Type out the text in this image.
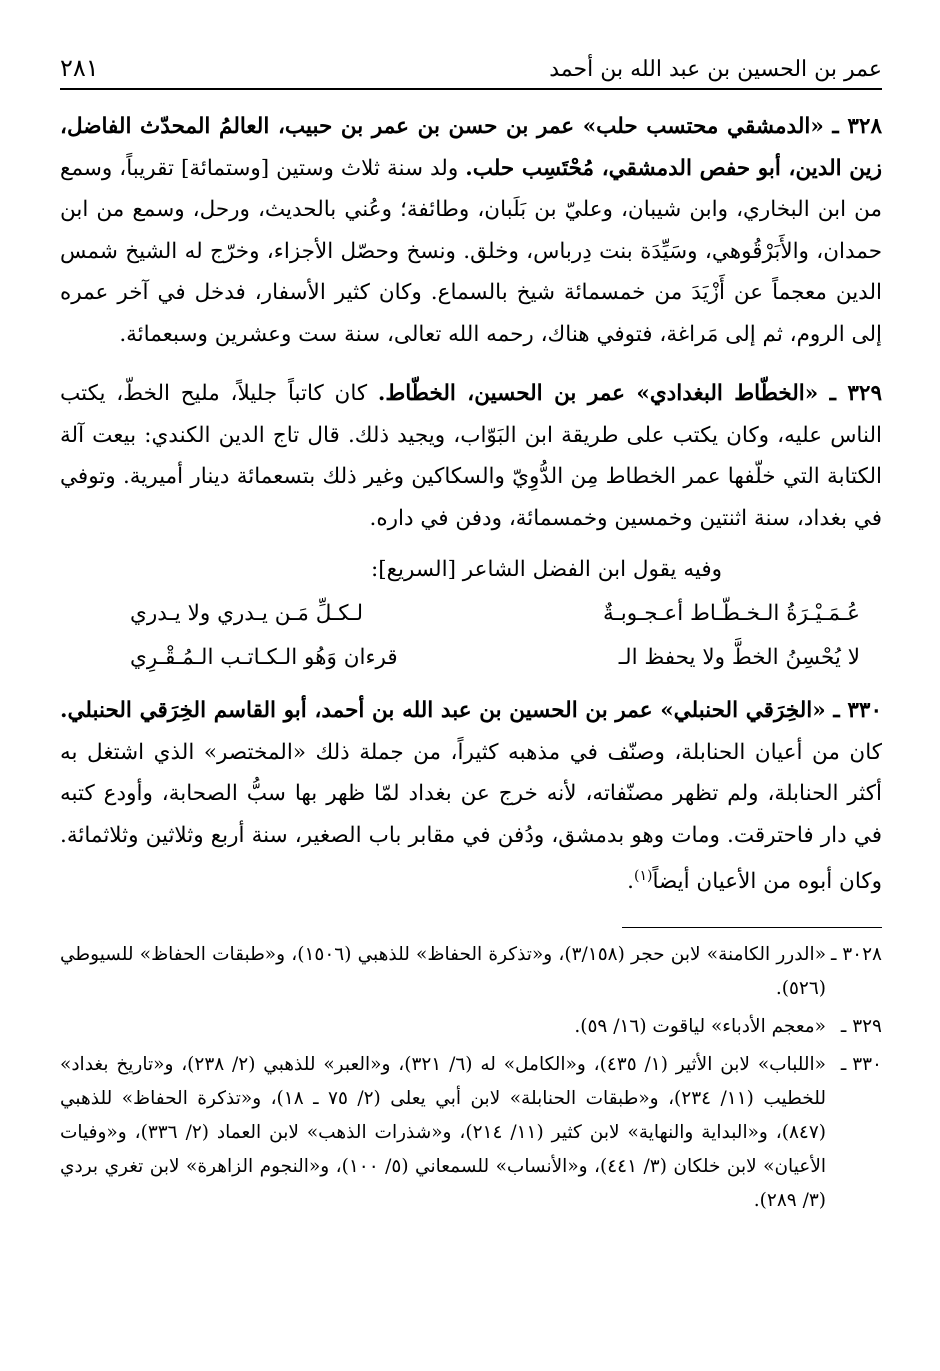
عمر بن الحسين بن عبد الله بن أحمد
٢٨١

٣٢٨ ـ «الدمشقي محتسب حلب» عمر بن حسن بن عمر بن حبيب، العالمُ المحدّث الفاضل، زين الدين، أبو حفص الدمشقي، مُحْتَسِب حلب. ولد سنة ثلاث وستين [وستمائة] تقريباً، وسمع من ابن البخاري، وابن شيبان، وعليّ بن بَلَبان، وطائفة؛ وعُني بالحديث، ورحل، وسمع من ابن حمدان، والأَبَرْقُوهي، وسَيِّدَة بنت دِرباس، وخلق. ونسخ وحصّل الأجزاء، وخرّج له الشيخ شمس الدين معجماً عن أَزْيَدَ من خمسمائة شيخ بالسماع. وكان كثير الأسفار، فدخل في آخر عمره إلى الروم، ثم إلى مَراغة، فتوفي هناك، رحمه الله تعالى، سنة ست وعشرين وسبعمائة.

٣٢٩ ـ «الخطّاط البغدادي» عمر بن الحسين، الخطّاط. كان كاتباً جليلاً، مليح الخطّ، يكتب الناس عليه، وكان يكتب على طريقة ابن البَوّاب، ويجيد ذلك. قال تاج الدين الكندي: بيعت آلة الكتابة التي خلّفها عمر الخطاط مِن الدُّوِيّ والسكاكين وغير ذلك بتسعمائة دينار أميرية. وتوفي في بغداد، سنة اثنتين وخمسين وخمسمائة، ودفن في داره.

وفيه يقول ابن الفضل الشاعر [السريع]:

عُـمَـيْـرَةُ الـخـطّـاط أعـجـوبـةٌ
لـكـلِّ مَـن يـدري ولا يـدري
لا يُحْسِنُ الخطَّ ولا يحفظ الـ
قرءان وَهُو الـكـاتـب الـمُـقْـرِي

٣٣٠ ـ «الخِرَقي الحنبلي» عمر بن الحسين بن عبد الله بن أحمد، أبو القاسم الخِرَقي الحنبلي. كان من أعيان الحنابلة، وصنّف في مذهبه كثيراً، من جملة ذلك «المختصر» الذي اشتغل به أكثر الحنابلة، ولم تظهر مصنّفاته، لأنه خرج عن بغداد لمّا ظهر بها سبُّ الصحابة، وأودع كتبه في دار فاحترقت. ومات وهو بدمشق، ودُفن في مقابر باب الصغير، سنة أربع وثلاثين وثلاثمائة. وكان أبوه من الأعيان أيضاً$^{(١)}$.

٣٠٢٨ ـ
«الدرر الكامنة» لابن حجر (٣/١٥٨)، و«تذكرة الحفاظ» للذهبي (١٥٠٦)، و«طبقات الحفاظ» للسيوطي (٥٢٦).
٣٢٩ ـ
«معجم الأدباء» لياقوت (١٦/ ٥٩).
٣٣٠ ـ
«اللباب» لابن الأثير (١/ ٤٣٥)، و«الكامل» له (٦/ ٣٢١)، و«العبر» للذهبي (٢/ ٢٣٨)، و«تاريخ بغداد» للخطيب (١١/ ٢٣٤)، و«طبقات الحنابلة» لابن أبي يعلى (٢/ ٧٥ ـ ١٨)، و«تذكرة الحفاظ» للذهبي (٨٤٧)، و«البداية والنهاية» لابن كثير (١١/ ٢١٤)، و«شذرات الذهب» لابن العماد (٢/ ٣٣٦)، و«وفيات الأعيان» لابن خلكان (٣/ ٤٤١)، و«الأنساب» للسمعاني (٥/ ١٠٠)، و«النجوم الزاهرة» لابن تغري بردي (٣/ ٢٨٩).
